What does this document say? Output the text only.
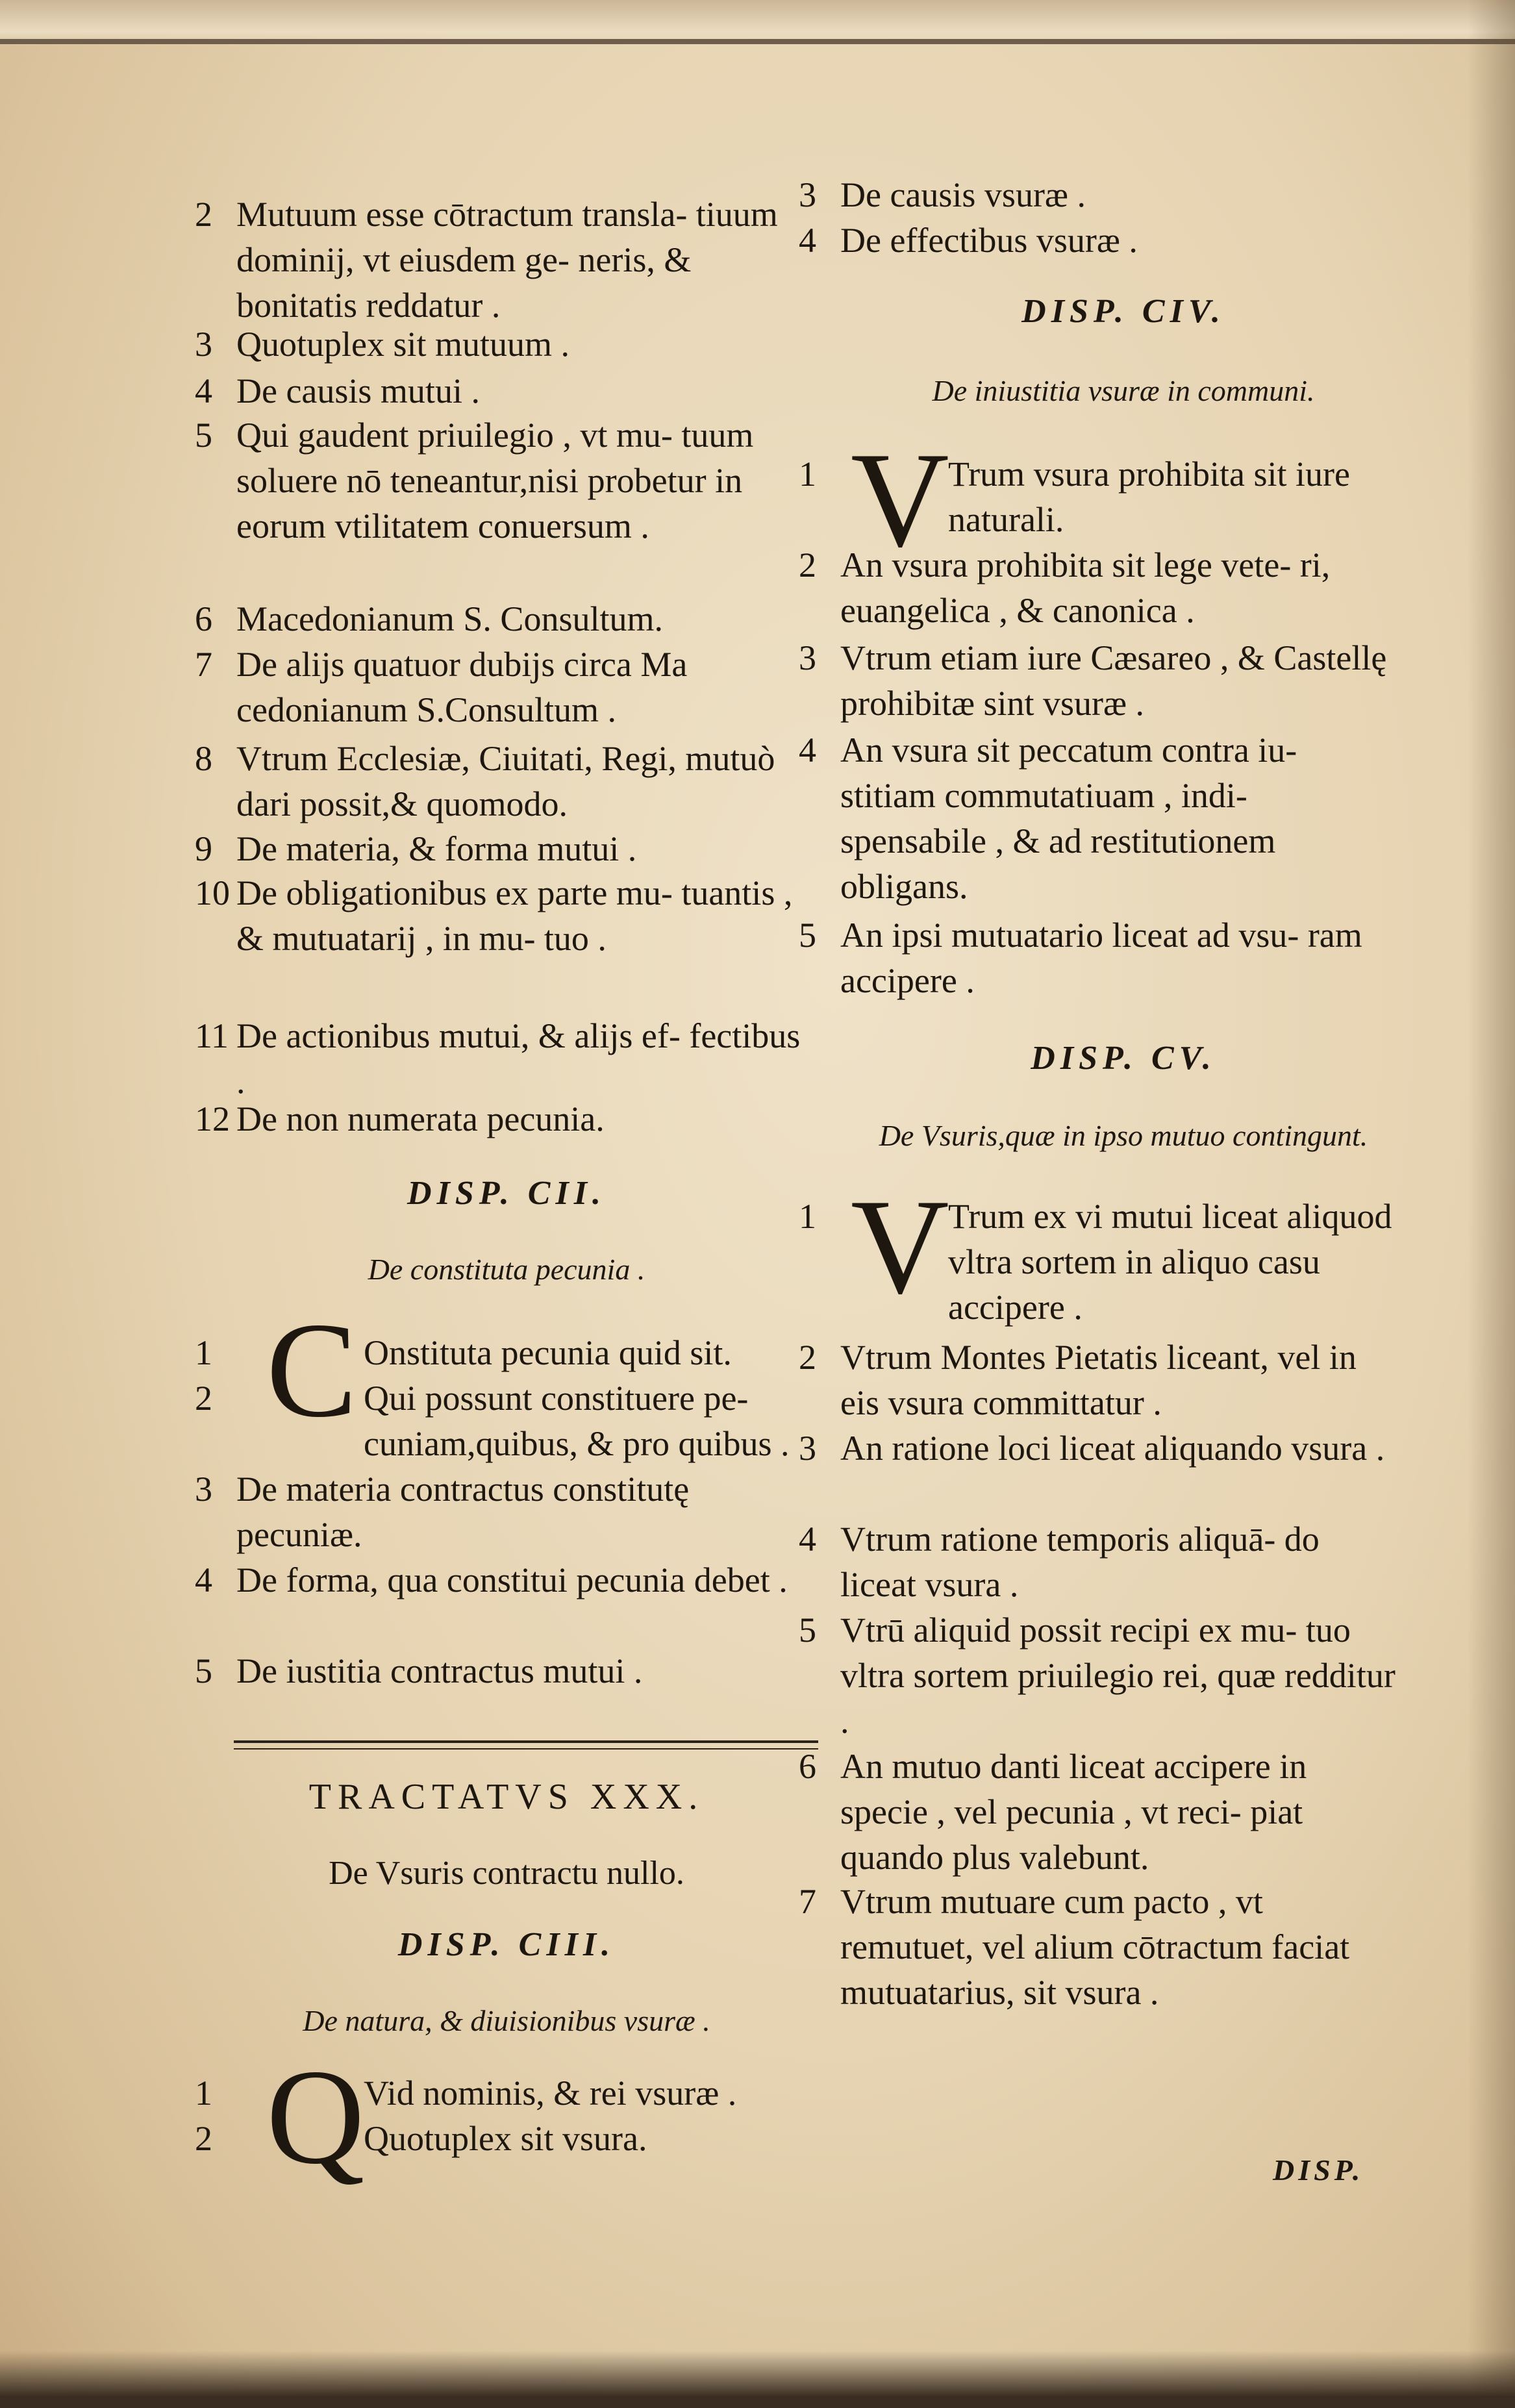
2 Mutuum esse cōtractum transla- tiuum dominij, vt eiusdem ge- neris, & bonitatis reddatur .
3 Quotuplex sit mutuum .
4 De causis mutui .
5 Qui gaudent priuilegio , vt mu- tuum soluere nō teneantur,nisi probetur in eorum vtilitatem conuersum .
6 Macedonianum S. Consultum.
7 De alijs quatuor dubijs circa Ma cedonianum S.Consultum .
8 Vtrum Ecclesiæ, Ciuitati, Regi, mutuò dari possit,& quomodo.
9 De materia, & forma mutui .
10 De obligationibus ex parte mu- tuantis , & mutuatarij , in mu- tuo .
11 De actionibus mutui, & alijs ef- fectibus .
12 De non numerata pecunia.
DISP. CII.
De constituta pecunia .
C
1	Onstituta pecunia quid sit.
2	Qui possunt constituere pe- cuniam,quibus, & pro quibus .
3 De materia contractus constitutę pecuniæ.
4 De forma, qua constitui pecunia debet .
5 De iustitia contractus mutui .
TRACTATVS XXX.
De Vsuris contractu nullo.
DISP. CIII.
De natura, & diuisionibus vsuræ .
Q
1	Vid nominis, & rei vsuræ .
2	Quotuplex sit vsura.
3 De causis vsuræ .
4 De effectibus vsuræ .
DISP. CIV.
De iniustitia vsuræ in communi.
V
1	Trum vsura prohibita sit iure naturali.
2 An vsura prohibita sit lege vete- ri, euangelica , & canonica .
3 Vtrum etiam iure Cæsareo , & Castellę prohibitæ sint vsuræ .
4 An vsura sit peccatum contra iu- stitiam commutatiuam , indi- spensabile , & ad restitutionem obligans.
5 An ipsi mutuatario liceat ad vsu- ram accipere .
DISP. CV.
De Vsuris,quæ in ipso mutuo contingunt.
V
1	Trum ex vi mutui liceat aliquod vltra sortem in aliquo casu accipere .
2 Vtrum Montes Pietatis liceant, vel in eis vsura committatur .
3 An ratione loci liceat aliquando vsura .
4 Vtrum ratione temporis aliquā- do liceat vsura .
5 Vtrū aliquid possit recipi ex mu- tuo vltra sortem priuilegio rei, quæ redditur .
6 An mutuo danti liceat accipere in specie , vel pecunia , vt reci- piat quando plus valebunt.
7 Vtrum mutuare cum pacto , vt remutuet, vel alium cōtractum faciat mutuatarius, sit vsura .
DISP.
